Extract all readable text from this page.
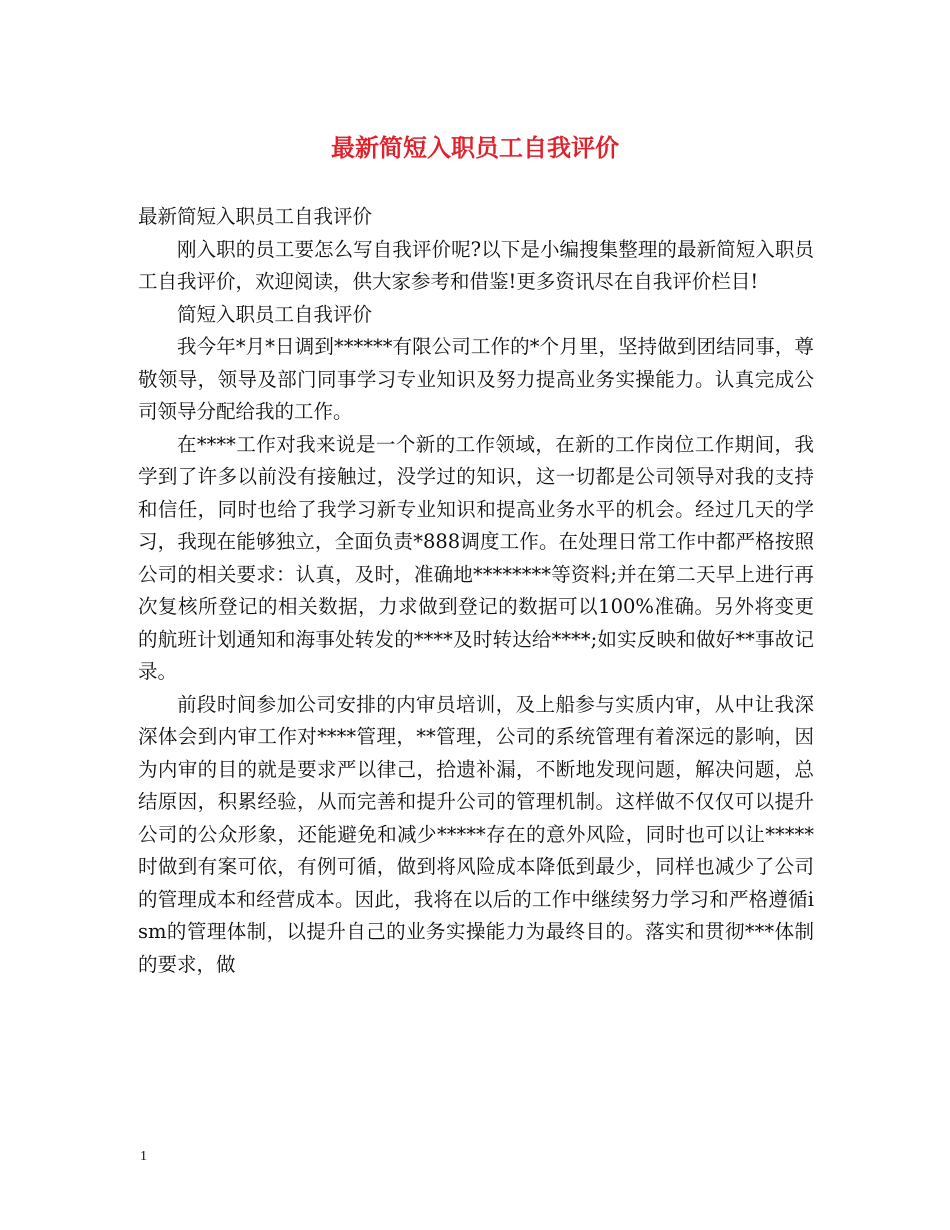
最新简短入职员工自我评价

最新简短入职员工自我评价

刚入职的员工要怎么写自我评价呢?以下是小编搜集整理的最新简短入职员工自我评价，欢迎阅读，供大家参考和借鉴!更多资讯尽在自我评价栏目!

简短入职员工自我评价

我今年*月*日调到******有限公司工作的*个月里，坚持做到团结同事，尊敬领导，领导及部门同事学习专业知识及努力提高业务实操能力。认真完成公司领导分配给我的工作。

在****工作对我来说是一个新的工作领域，在新的工作岗位工作期间，我学到了许多以前没有接触过，没学过的知识，这一切都是公司领导对我的支持和信任，同时也给了我学习新专业知识和提高业务水平的机会。经过几天的学习，我现在能够独立，全面负责*888调度工作。在处理日常工作中都严格按照公司的相关要求：认真，及时，准确地********等资料;并在第二天早上进行再次复核所登记的相关数据，力求做到登记的数据可以100%准确。另外将变更的航班计划通知和海事处转发的****及时转达给****;如实反映和做好**事故记录。

前段时间参加公司安排的内审员培训，及上船参与实质内审，从中让我深深体会到内审工作对****管理，**管理，公司的系统管理有着深远的影响，因为内审的目的就是要求严以律己，拾遗补漏，不断地发现问题，解决问题，总结原因，积累经验，从而完善和提升公司的管理机制。这样做不仅仅可以提升公司的公众形象，还能避免和减少*****存在的意外风险，同时也可以让*****时做到有案可依，有例可循，做到将风险成本降低到最少，同样也减少了公司的管理成本和经营成本。因此，我将在以后的工作中继续努力学习和严格遵循ism的管理体制，以提升自己的业务实操能力为最终目的。落实和贯彻***体制的要求，做

1
